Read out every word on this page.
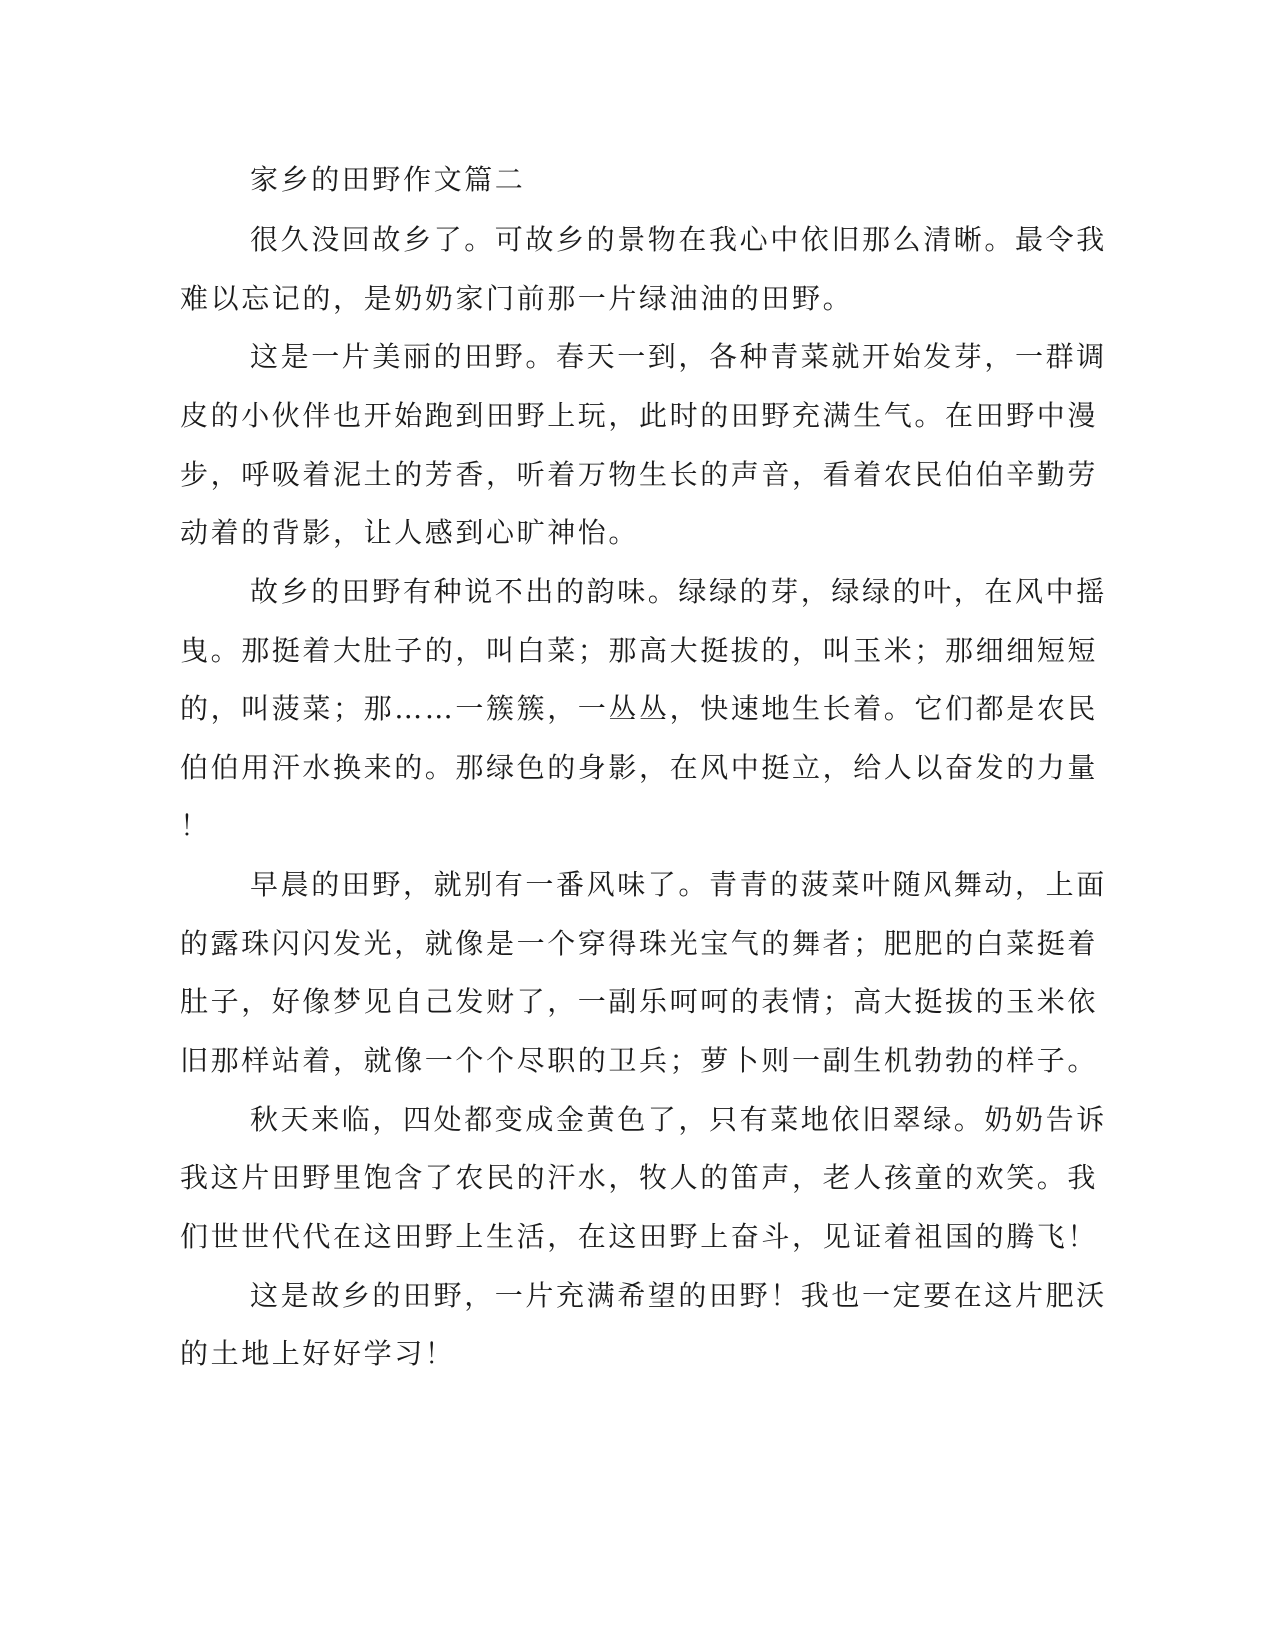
家乡的田野作文篇二

很久没回故乡了。可故乡的景物在我心中依旧那么清晰。最令我

难以忘记的，是奶奶家门前那一片绿油油的田野。

这是一片美丽的田野。春天一到，各种青菜就开始发芽，一群调

皮的小伙伴也开始跑到田野上玩，此时的田野充满生气。在田野中漫

步，呼吸着泥土的芳香，听着万物生长的声音，看着农民伯伯辛勤劳

动着的背影，让人感到心旷神怡。

故乡的田野有种说不出的韵味。绿绿的芽，绿绿的叶，在风中摇

曳。那挺着大肚子的，叫白菜；那高大挺拔的，叫玉米；那细细短短

的，叫菠菜；那……一簇簇，一丛丛，快速地生长着。它们都是农民

伯伯用汗水换来的。那绿色的身影，在风中挺立，给人以奋发的力量

！

早晨的田野，就别有一番风味了。青青的菠菜叶随风舞动，上面

的露珠闪闪发光，就像是一个穿得珠光宝气的舞者；肥肥的白菜挺着

肚子，好像梦见自己发财了，一副乐呵呵的表情；高大挺拔的玉米依

旧那样站着，就像一个个尽职的卫兵；萝卜则一副生机勃勃的样子。

秋天来临，四处都变成金黄色了，只有菜地依旧翠绿。奶奶告诉

我这片田野里饱含了农民的汗水，牧人的笛声，老人孩童的欢笑。我

们世世代代在这田野上生活，在这田野上奋斗，见证着祖国的腾飞！

这是故乡的田野，一片充满希望的田野！我也一定要在这片肥沃

的土地上好好学习！
